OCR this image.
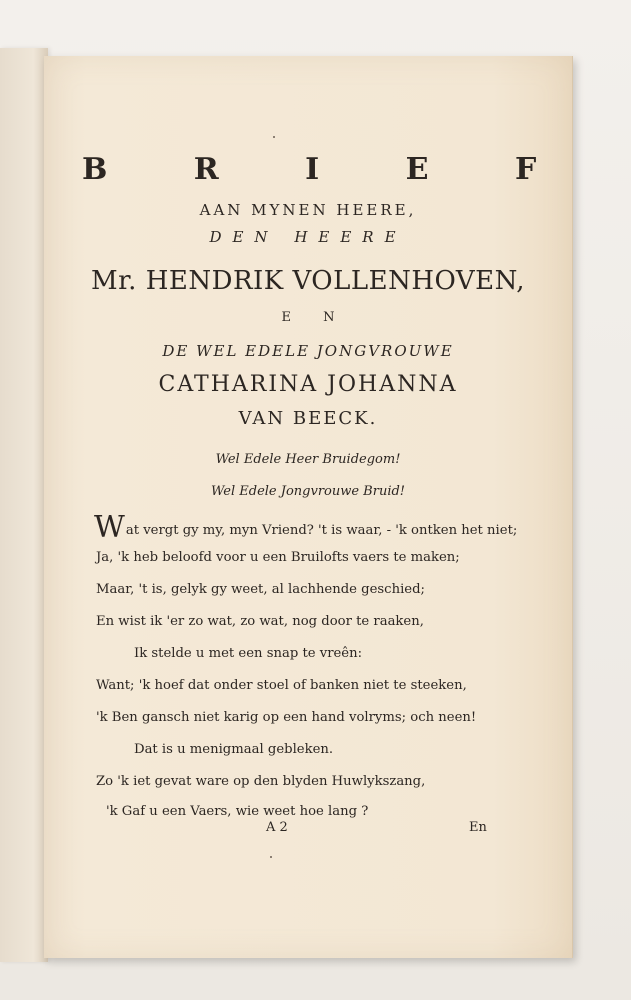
B R I E F
AAN MYNEN HEERE,
DEN HEERE
Mr. HENDRIK VOLLENHOVEN,
E N
DE WEL EDELE JONGVROUWE
CATHARINA JOHANNA
VAN BEECK.
Wel Edele Heer Bruidegom!
Wel Edele Jongvrouwe Bruid!
Wat vergt gy my, myn Vriend? 't is waar, - 'k ontken het niet;
Ja, 'k heb beloofd voor u een Bruilofts vaers te maken;
Maar, 't is, gelyk gy weet, al lachhende geschied;
En wist ik 'er zo wat, zo wat, nog door te raaken,
Ik stelde u met een snap te vreên:
Want; 'k hoef dat onder stoel of banken niet te steeken,
'k Ben gansch niet karig op een hand volryms; och neen!
Dat is u menigmaal gebleken.
Zo 'k iet gevat ware op den blyden Huwlykszang,
'k Gaf u een Vaers, wie weet hoe lang ?
A 2	En
